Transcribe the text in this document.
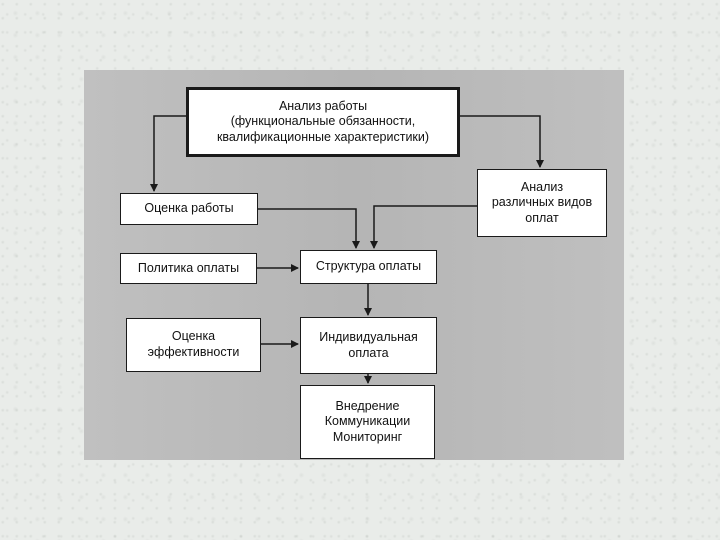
Анализ работы
(функциональные обязанности,
квалификационные характеристики)
Оценка работы
Анализ
различных видов
оплат
Политика оплаты	Структура оплаты
Оценка
эффективности
Индивидуальная
оплата
Внедрение
Коммуникации
Мониторинг
